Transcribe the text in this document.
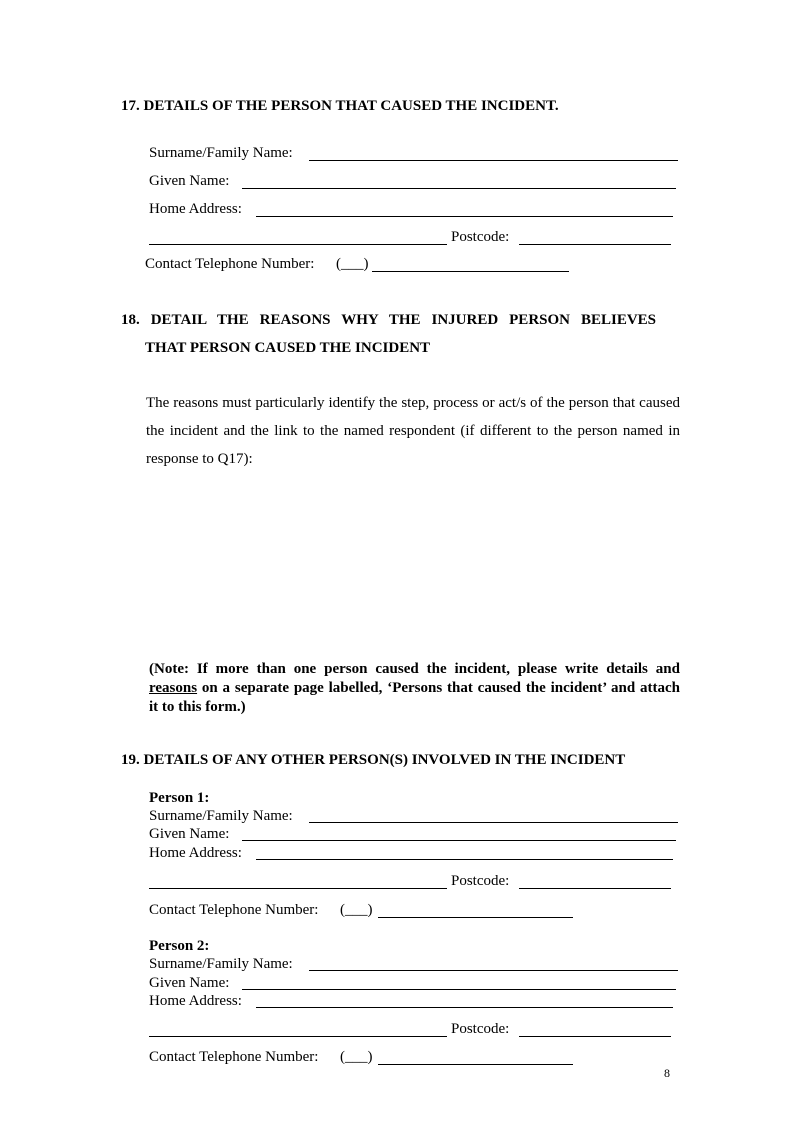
17. DETAILS OF THE PERSON THAT CAUSED THE INCIDENT.
Surname/Family Name:
Given Name:
Home Address:
Postcode:
Contact Telephone Number: (___)
18. DETAIL THE REASONS WHY THE INJURED PERSON BELIEVES
THAT PERSON CAUSED THE INCIDENT
The reasons must particularly identify the step, process or act/s of the person that caused the incident and the link to the named respondent (if different to the person named in response to Q17):
(Note: If more than one person caused the incident, please write details and reasons on a separate page labelled, ‘Persons that caused the incident’ and attach it to this form.)
19. DETAILS OF ANY OTHER PERSON(S) INVOLVED IN THE INCIDENT
Person 1:
Surname/Family Name:
Given Name:
Home Address:
Postcode:
Contact Telephone Number: (___)
Person 2:
Surname/Family Name:
Given Name:
Home Address:
Postcode:
Contact Telephone Number: (___)
8
